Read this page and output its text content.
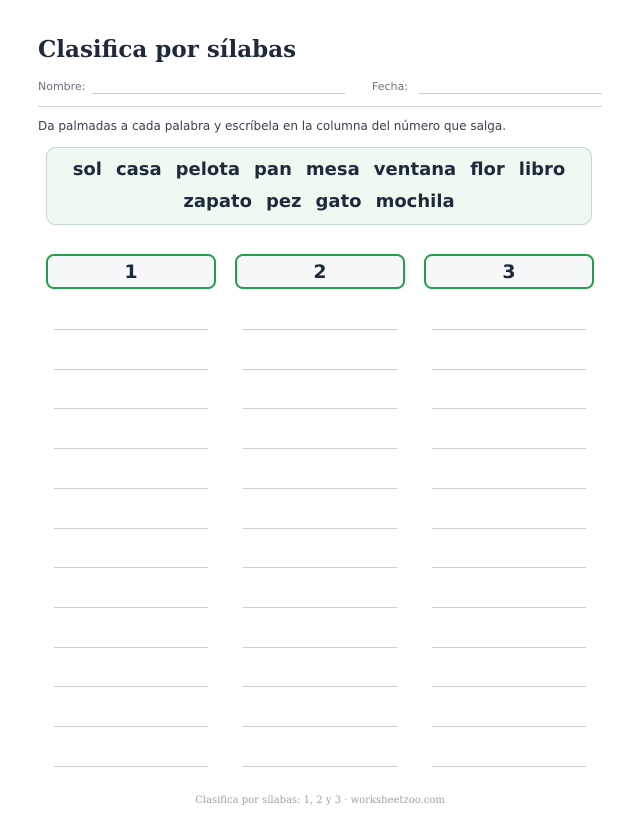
Clasifica por sílabas
Nombre:	Fecha:
Da palmadas a cada palabra y escríbela en la columna del número que salga.
sol casa pelota pan mesa ventana flor libro
zapato pez gato mochila
1	2	3
Clasifica por sílabas: 1, 2 y 3 · worksheetzoo.com
